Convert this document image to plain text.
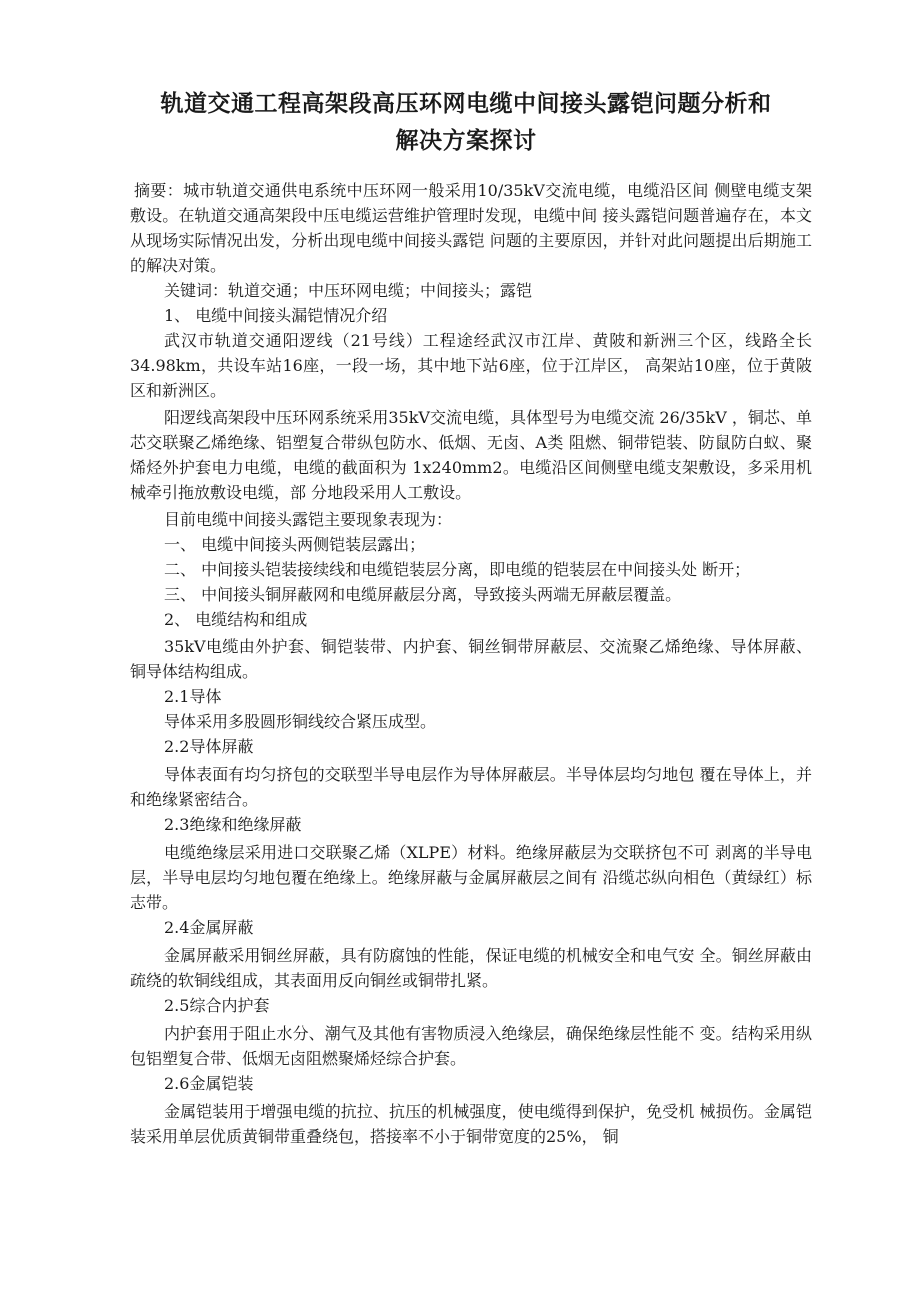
轨道交通工程高架段高压环网电缆中间接头露铠问题分析和
解决方案探讨

摘要：城市轨道交通供电系统中压环网一般采用10/35kV交流电缆，电缆沿区间 侧壁电缆支架敷设。在轨道交通高架段中压电缆运营维护管理时发现，电缆中间 接头露铠问题普遍存在，本文从现场实际情况出发，分析出现电缆中间接头露铠 问题的主要原因，并针对此问题提出后期施工的解决对策。

关键词：轨道交通；中压环网电缆；中间接头；露铠

1、 电缆中间接头漏铠情况介绍

武汉市轨道交通阳逻线（21号线）工程途经武汉市江岸、黄陂和新洲三个区，线路全长34.98km，共设车站16座，一段一场，其中地下站6座，位于江岸区， 高架站10座，位于黄陂区和新洲区。

阳逻线高架段中压环网系统采用35kV交流电缆，具体型号为电缆交流 26/35kV ，铜芯、单芯交联聚乙烯绝缘、铝塑复合带纵包防水、低烟、无卤、A类 阻燃、铜带铠装、防鼠防白蚁、聚烯烃外护套电力电缆，电缆的截面积为 1x240mm2。电缆沿区间侧壁电缆支架敷设，多采用机械牵引拖放敷设电缆，部 分地段采用人工敷设。

目前电缆中间接头露铠主要现象表现为：

一、 电缆中间接头两侧铠装层露出；

二、 中间接头铠装接续线和电缆铠装层分离，即电缆的铠装层在中间接头处 断开；

三、 中间接头铜屏蔽网和电缆屏蔽层分离，导致接头两端无屏蔽层覆盖。

2、 电缆结构和组成

35kV电缆由外护套、铜铠装带、内护套、铜丝铜带屏蔽层、交流聚乙烯绝缘、导体屏蔽、铜导体结构组成。

2.1导体

导体采用多股圆形铜线绞合紧压成型。

2.2导体屏蔽

导体表面有均匀挤包的交联型半导电层作为导体屏蔽层。半导体层均匀地包 覆在导体上，并和绝缘紧密结合。

2.3绝缘和绝缘屏蔽

电缆绝缘层采用进口交联聚乙烯（XLPE）材料。绝缘屏蔽层为交联挤包不可 剥离的半导电层，半导电层均匀地包覆在绝缘上。绝缘屏蔽与金属屏蔽层之间有 沿缆芯纵向相色（黄绿红）标志带。

2.4金属屏蔽

金属屏蔽采用铜丝屏蔽，具有防腐蚀的性能，保证电缆的机械安全和电气安 全。铜丝屏蔽由疏绕的软铜线组成，其表面用反向铜丝或铜带扎紧。

2.5综合内护套

内护套用于阻止水分、潮气及其他有害物质浸入绝缘层，确保绝缘层性能不 变。结构采用纵包铝塑复合带、低烟无卤阻燃聚烯烃综合护套。

2.6金属铠装

金属铠装用于增强电缆的抗拉、抗压的机械强度，使电缆得到保护，免受机 械损伤。金属铠装采用单层优质黄铜带重叠绕包，搭接率不小于铜带宽度的25%， 铜
